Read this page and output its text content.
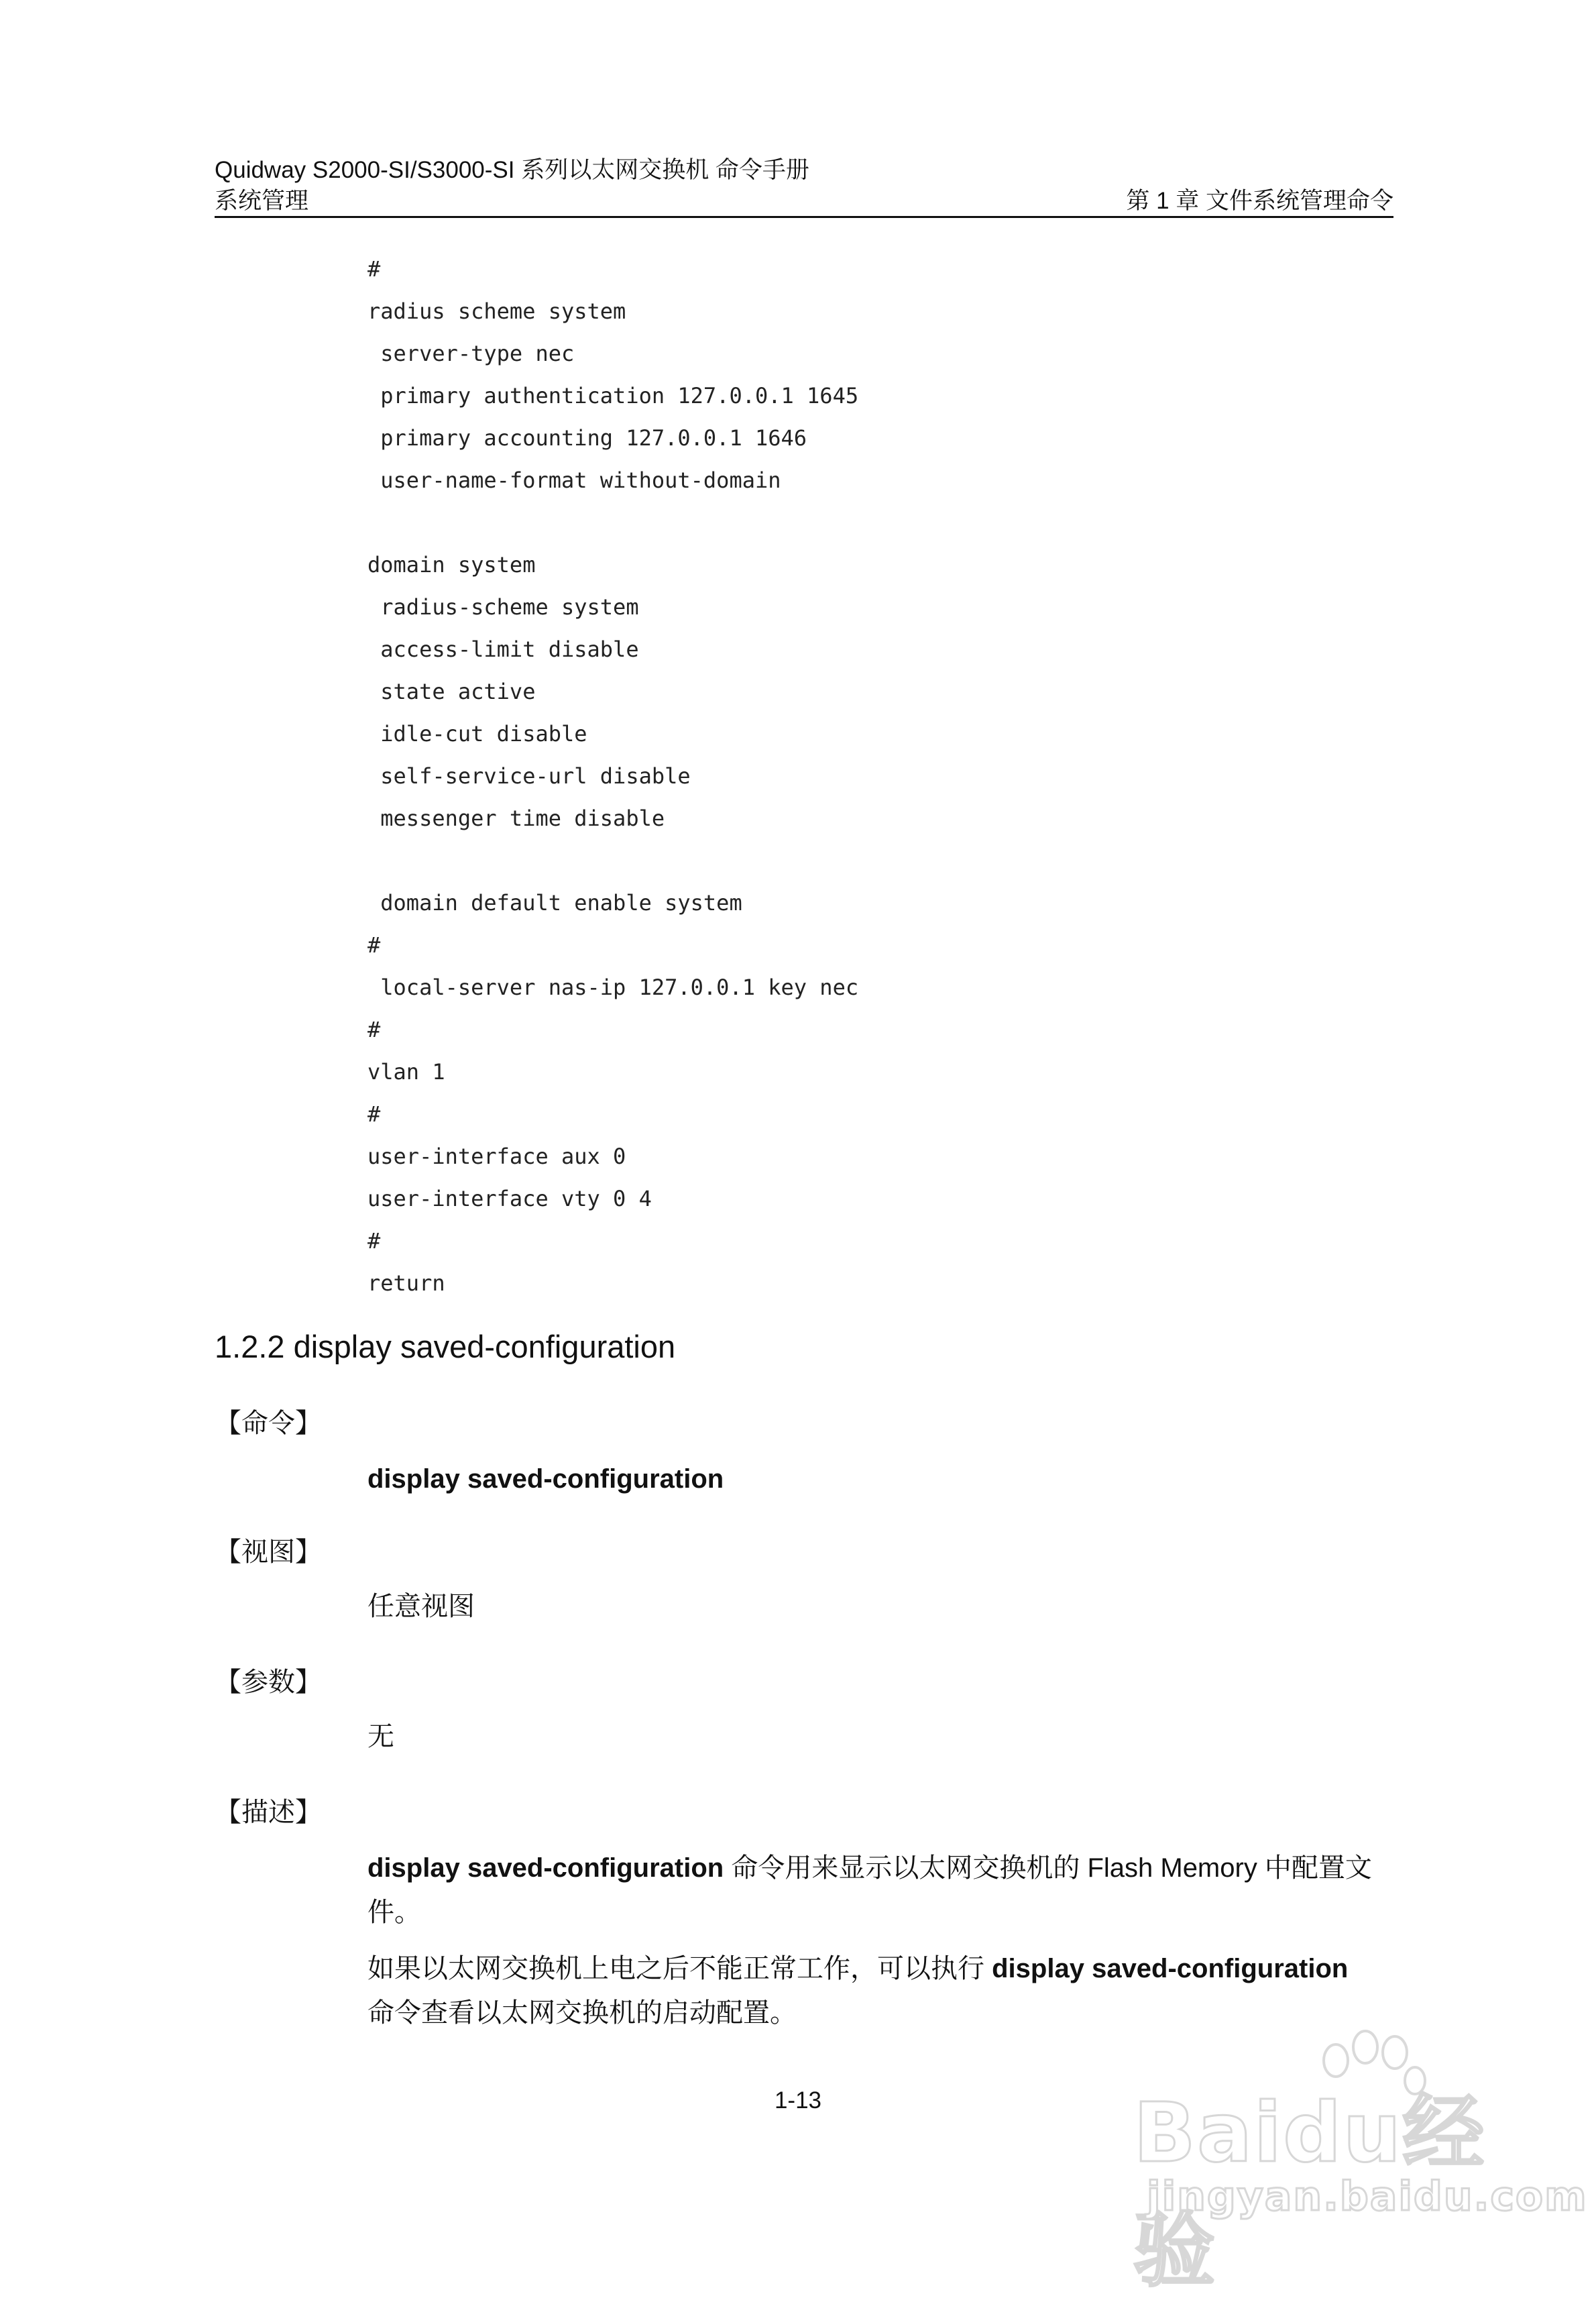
Quidway S2000-SI/S3000-SI 系列以太网交换机 命令手册
系统管理	第 1 章 文件系统管理命令
#
radius scheme system
server-type nec
primary authentication 127.0.0.1 1645
primary accounting 127.0.0.1 1646
user-name-format without-domain
domain system
radius-scheme system
access-limit disable
state active
idle-cut disable
self-service-url disable
messenger time disable
domain default enable system
#
local-server nas-ip 127.0.0.1 key nec
#
vlan 1
#
user-interface aux 0
user-interface vty 0 4
#
return
1.2.2 display saved-configuration
【命令】
display saved-configuration
【视图】
任意视图
【参数】
无
【描述】
display saved-configuration 命令用来显示以太网交换机的 Flash Memory 中配置文件。
如果以太网交换机上电之后不能正常工作，可以执行 display saved-configuration
命令查看以太网交换机的启动配置。
1-13	Baidu经验
jingyan.baidu.com
